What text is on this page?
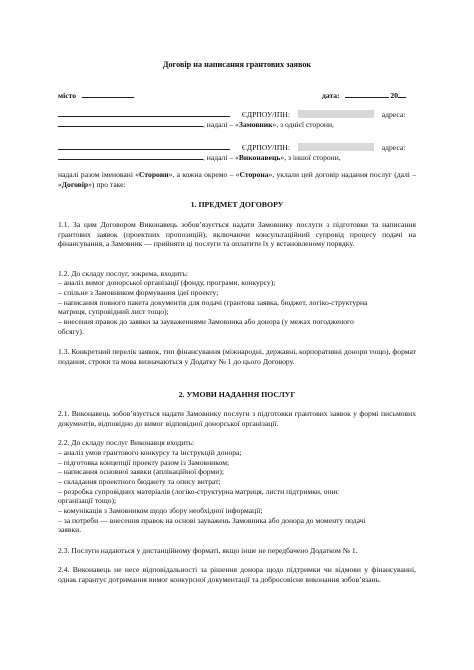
Договір на написання грантових заявок
місто	дата:	20
ЄДРПОУ/ІПН:	адреса:
, надалі – «Замовник», з однієї сторони,
ЄДРПОУ/ІПН:	адреса:
, надалі – «Виконавець», з іншої сторони,
надалі разом іменовані «Сторони», а кожна окремо – «Сторона», уклали цей договір надання послуг (далі – «Договір») про таке:
1. ПРЕДМЕТ ДОГОВОРУ
1.1. За цим Договором Виконавець зобов’язується надати Замовнику послуги з підготовки та написання грантових заявок (проектних пропозицій), включаючи консультаційний супровід процесу подачі на фінансування, а Замовник — прийняти ці послуги та оплатити їх у встановленому порядку.
1.2. До складу послуг, зокрема, входить:
– аналіз вимог донорської організації (фонду, програми, конкурсу);
– спільне з Замовником формування ідеї проекту;
– написання повного пакета документів для подачі (грантова заявка, бюджет, логіко-структурна
матриця, супровідний лист тощо);
– внесення правок до заявки за зауваженнями Замовника або донора (у межах погодженого
обсягу).
1.3. Конкретний перелік заявок, тип фінансування (міжнародні, державні, корпоративні донори тощо), формат подання, строки та мова визначаються у Додатку № 1 до цього Договору.
2. УМОВИ НАДАННЯ ПОСЛУГ
2.1. Виконавець зобов’язується надати Замовнику послуги з підготовки грантових заявок у формі письмових документів, відповідно до вимог відповідної донорської організації.
2.2. До складу послуг Виконавця входить:
– аналіз умов грантового конкурсу та інструкцій донора;
– підготовка концепції проекту разом із Замовником;
– написання основної заявки (аплікаційної форми);
– складання проектного бюджету та опису витрат;
– розробка супровідних матеріалів (логіко-структурна матриця, листи підтримки, опис
організації тощо);
– комунікація з Замовником щодо збору необхідної інформації;
– за потреби — внесення правок на основі зауважень Замовника або донора до моменту подачі
заявки.
2.3. Послуги надаються у дистанційному форматі, якщо інше не передбачено Додатком № 1.
2.4. Виконавець не несе відповідальності за рішення донора щодо підтримки чи відмови у фінансуванні, однак гарантує дотримання вимог конкурсної документації та добросовісне виконання зобов’язань.
